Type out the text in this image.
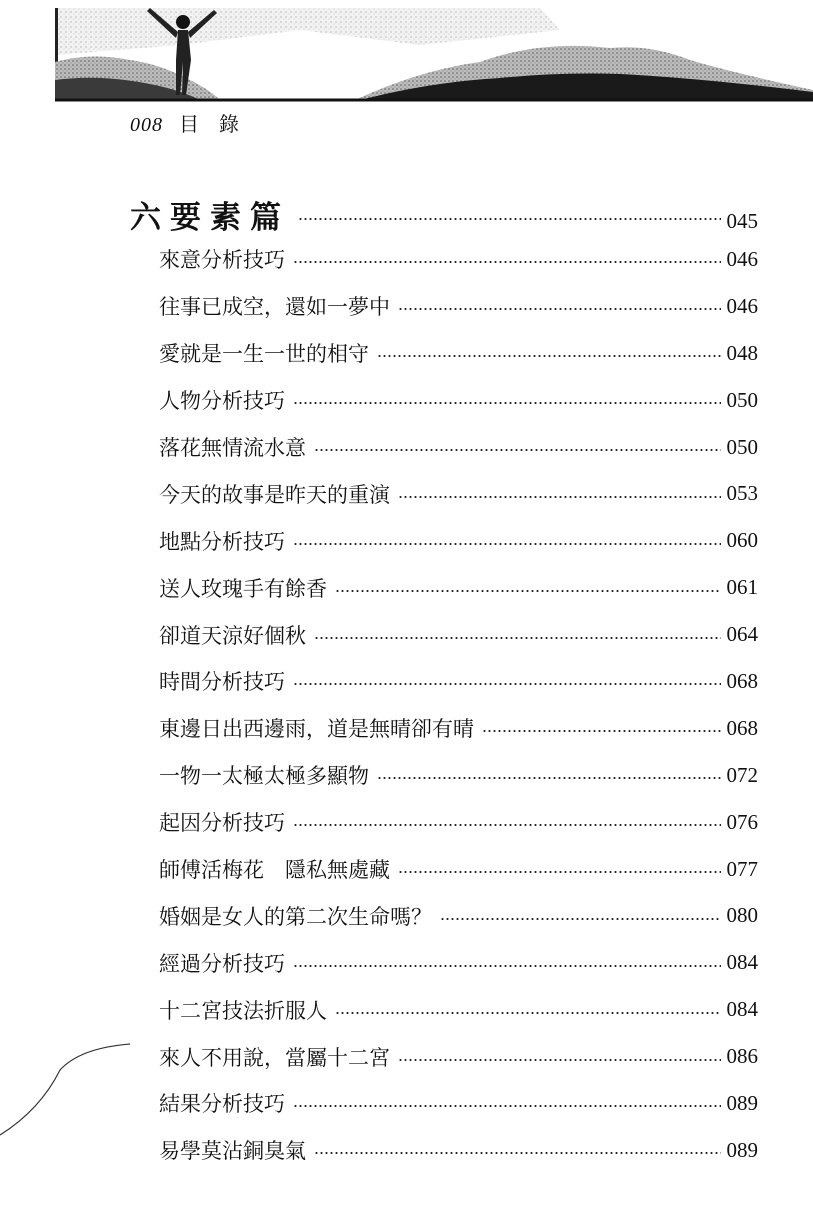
008 目　錄
六要素篇	045
來意分析技巧	046
往事已成空，還如一夢中	046
愛就是一生一世的相守	048
人物分析技巧	050
落花無情流水意	050
今天的故事是昨天的重演	053
地點分析技巧	060
送人玫瑰手有餘香	061
卻道天涼好個秋	064
時間分析技巧	068
東邊日出西邊雨，道是無晴卻有晴	068
一物一太極太極多顯物	072
起因分析技巧	076
師傅活梅花　隱私無處藏	077
婚姻是女人的第二次生命嗎？	080
經過分析技巧	084
十二宮技法折服人	084
來人不用說，當屬十二宮	086
結果分析技巧	089
易學莫沾銅臭氣	089
